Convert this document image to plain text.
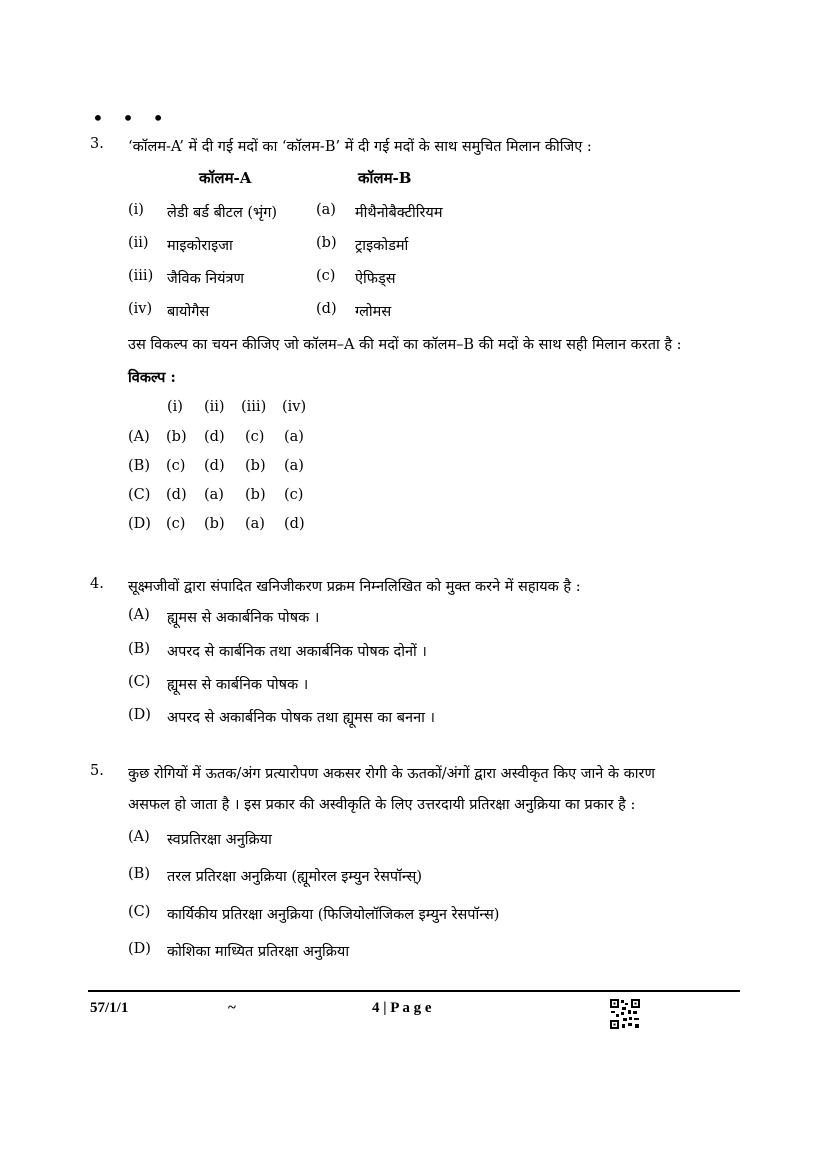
• • •
3. ‘कॉलम-A’ में दी गई मदों का ‘कॉलम-B’ में दी गई मदों के साथ समुचित मिलान कीजिए :
कॉलम-A	कॉलम-B
(i) लेडी बर्ड बीटल (भृंग)	(a) मीथैनोबैक्टीरियम
(ii) माइकोराइजा	(b) ट्राइकोडर्मा
(iii) जैविक नियंत्रण	(c) ऐफिड्स
(iv) बायोगैस	(d) ग्लोमस
उस विकल्प का चयन कीजिए जो कॉलम–A की मदों का कॉलम–B की मदों के साथ सही मिलान करता है :
विकल्प :
(i) (ii) (iii) (iv)
(A) (b) (d) (c) (a)
(B) (c) (d) (b) (a)
(C) (d) (a) (b) (c)
(D) (c) (b) (a) (d)
4. सूक्ष्मजीवों द्वारा संपादित खनिजीकरण प्रक्रम निम्नलिखित को मुक्त करने में सहायक है :
(A) ह्यूमस से अकार्बनिक पोषक ।
(B) अपरद से कार्बनिक तथा अकार्बनिक पोषक दोनों ।
(C) ह्यूमस से कार्बनिक पोषक ।
(D) अपरद से अकार्बनिक पोषक तथा ह्यूमस का बनना ।
5. कुछ रोगियों में ऊतक/अंग प्रत्यारोपण अकसर रोगी के ऊतकों/अंगों द्वारा अस्वीकृत किए जाने के कारण
असफल हो जाता है । इस प्रकार की अस्वीकृति के लिए उत्तरदायी प्रतिरक्षा अनुक्रिया का प्रकार है :
(A) स्वप्रतिरक्षा अनुक्रिया
(B) तरल प्रतिरक्षा अनुक्रिया (ह्यूमोरल इम्युन रेसपॉन्स्)
(C) कार्यिकीय प्रतिरक्षा अनुक्रिया (फिजियोलॉजिकल इम्युन रेसपॉन्स)
(D) कोशिका माध्यित प्रतिरक्षा अनुक्रिया
57/1/1	~	4 | P a g e
